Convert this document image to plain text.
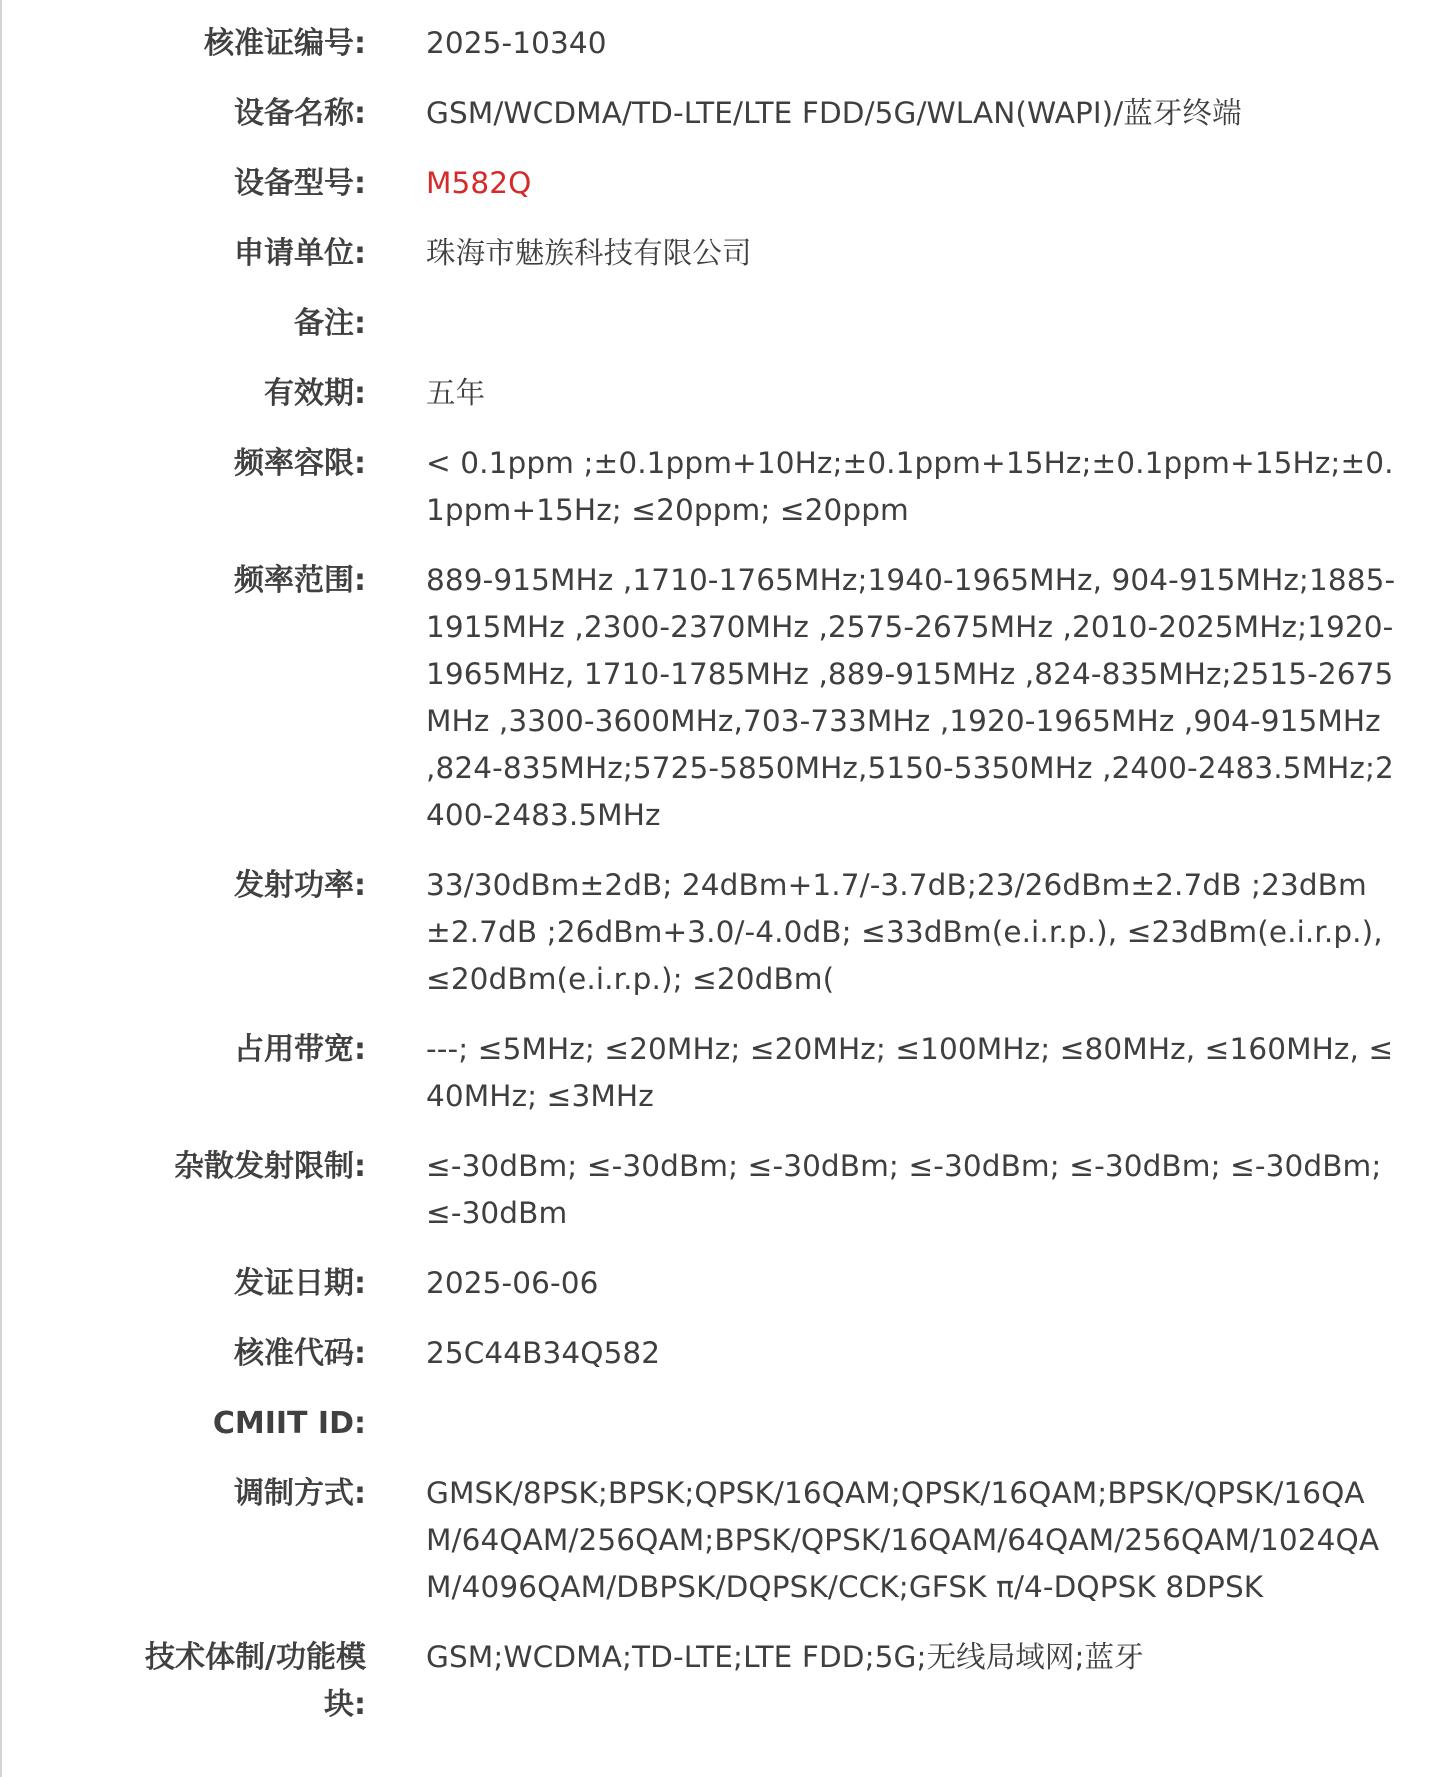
核准证编号: 2025-10340
设备名称: GSM/WCDMA/TD-LTE/LTE FDD/5G/WLAN(WAPI)/蓝牙终端
设备型号: M582Q
申请单位: 珠海市魅族科技有限公司
备注:
有效期: 五年
频率容限: < 0.1ppm ;±0.1ppm+10Hz;±0.1ppm+15Hz;±0.1ppm+15Hz;±0.1ppm+15Hz; ≤20ppm; ≤20ppm
频率范围: 889-915MHz ,1710-1765MHz;1940-1965MHz, 904-915MHz;1885-1915MHz ,2300-2370MHz ,2575-2675MHz ,2010-2025MHz;1920-1965MHz, 1710-1785MHz ,889-915MHz ,824-835MHz;2515-2675MHz ,3300-3600MHz,703-733MHz ,1920-1965MHz ,904-915MHz ,824-835MHz;5725-5850MHz,5150-5350MHz ,2400-2483.5MHz;2400-2483.5MHz
发射功率: 33/30dBm±2dB; 24dBm+1.7/-3.7dB;23/26dBm±2.7dB ;23dBm±2.7dB ;26dBm+3.0/-4.0dB; ≤33dBm(e.i.r.p.), ≤23dBm(e.i.r.p.), ≤20dBm(e.i.r.p.); ≤20dBm(
占用带宽: ---; ≤5MHz; ≤20MHz; ≤20MHz; ≤100MHz; ≤80MHz, ≤160MHz, ≤40MHz; ≤3MHz
杂散发射限制: ≤-30dBm; ≤-30dBm; ≤-30dBm; ≤-30dBm; ≤-30dBm; ≤-30dBm; ≤-30dBm
发证日期: 2025-06-06
核准代码: 25C44B34Q582
CMIIT ID:
调制方式: GMSK/8PSK;BPSK;QPSK/16QAM;QPSK/16QAM;BPSK/QPSK/16QAM/64QAM/256QAM;BPSK/QPSK/16QAM/64QAM/256QAM/1024QAM/4096QAM/DBPSK/DQPSK/CCK;GFSK π/4-DQPSK 8DPSK
技术体制/功能模块:
GSM;WCDMA;TD-LTE;LTE FDD;5G;无线局域网;蓝牙
